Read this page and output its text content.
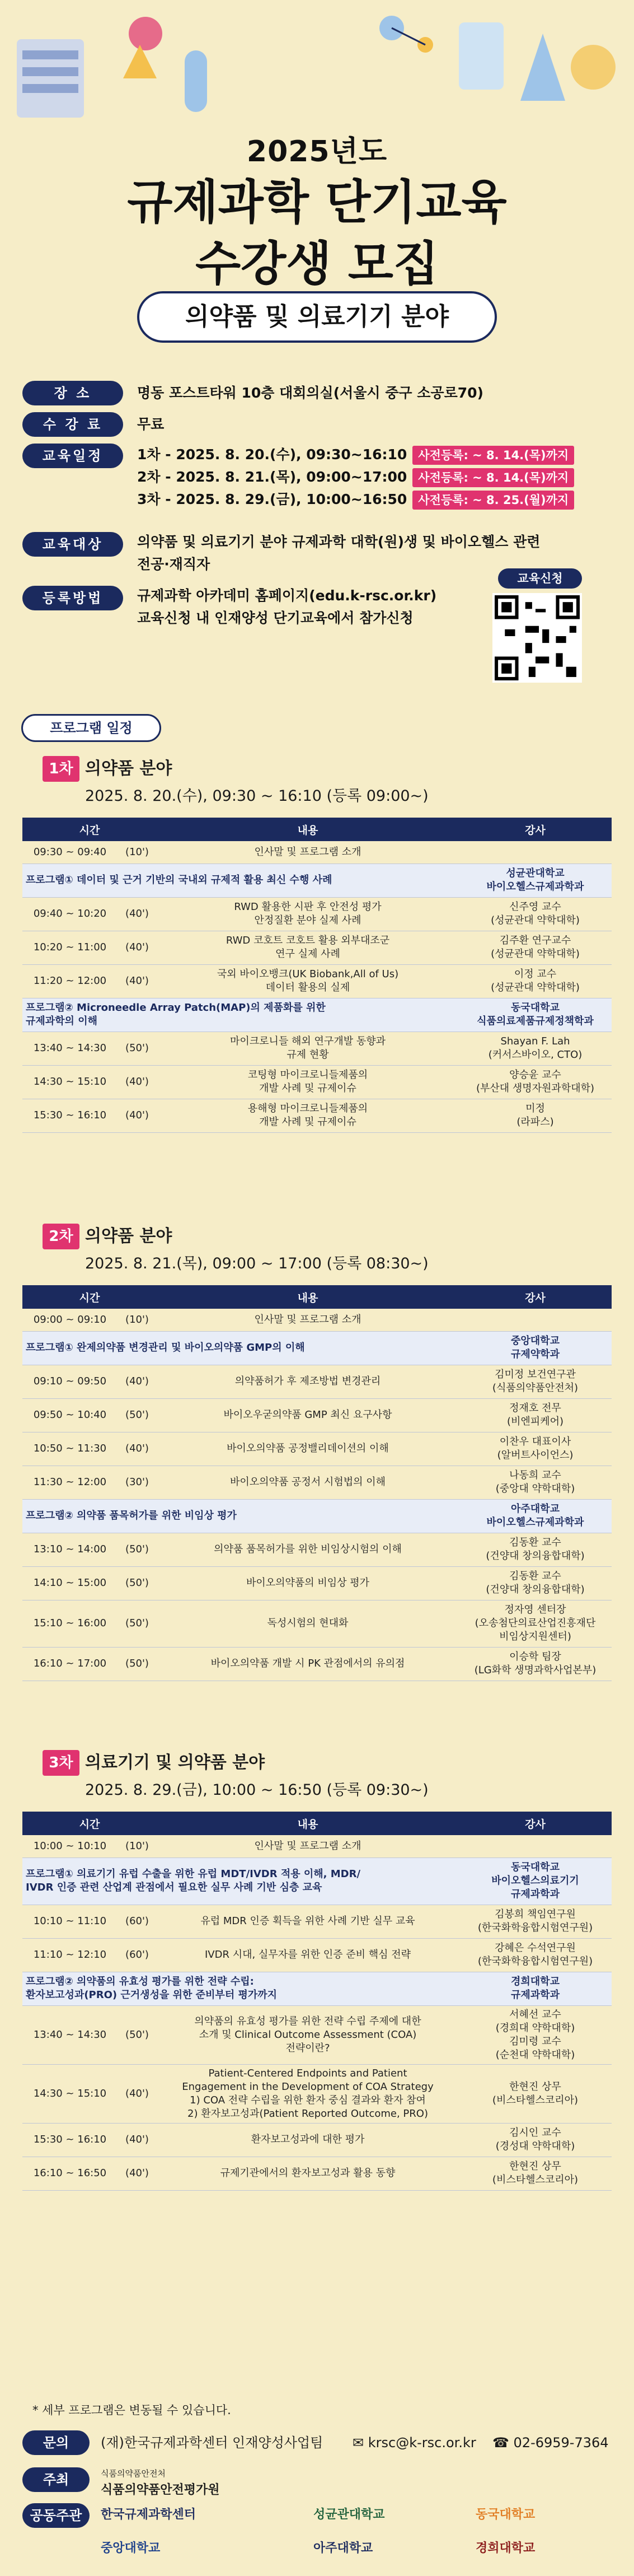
2025년도
규제과학 단기교육
수강생 모집
의약품 및 의료기기 분야
장 소	명동 포스트타워 10층 대회의실(서울시 중구 소공로70)
수 강 료	무료
교육일정	1차 - 2025. 8. 20.(수), 09:30~16:10 사전등록: ~ 8. 14.(목)까지
2차 - 2025. 8. 21.(목), 09:00~17:00 사전등록: ~ 8. 14.(목)까지
3차 - 2025. 8. 29.(금), 10:00~16:50 사전등록: ~ 8. 25.(월)까지
교육대상	의약품 및 의료기기 분야 규제과학 대학(원)생 및 바이오헬스 관련
전공·재직자
등록방법	규제과학 아카데미 홈페이지(edu.k-rsc.or.kr)
교육신청 내 인재양성 단기교육에서 참가신청
교육신청
프로그램 일정
1차 의약품 분야
2025. 8. 20.(수), 09:30 ~ 16:10 (등록 09:00~)
시간		내용	강사
09:30 ~ 09:40	(10')	인사말 및 프로그램 소개	
프로그램① 데이터 및 근거 기반의 국내외 규제적 활용 최신 수행 사례			성균관대학교
바이오헬스규제과학과
09:40 ~ 10:20	(40')	RWD 활용한 시판 후 안전성 평가
안정질환 분야 실제 사례	신주영 교수
(성균관대 약학대학)
10:20 ~ 11:00	(40')	RWD 코호트 코호트 활용 외부대조군
연구 실제 사례	김주환 연구교수
(성균관대 약학대학)
11:20 ~ 12:00	(40')	국외 바이오뱅크(UK Biobank,All of Us)
데이터 활용의 실제	이정 교수
(성균관대 약학대학)
프로그램② Microneedle Array Patch(MAP)의 제품화를 위한
규제과학의 이해			동국대학교
식품의료제품규제정책학과
13:40 ~ 14:30	(50')	마이크로니들 해외 연구개발 동향과
규제 현황	Shayan F. Lah
(커서스바이오, CTO)
14:30 ~ 15:10	(40')	코팅형 마이크로니들제품의
개발 사례 및 규제이슈	양승윤 교수
(부산대 생명자원과학대학)
15:30 ~ 16:10	(40')	용해형 마이크로니들제품의
개발 사례 및 규제이슈	미정
(라파스)
2차 의약품 분야
2025. 8. 21.(목), 09:00 ~ 17:00 (등록 08:30~)
시간		내용	강사
09:00 ~ 09:10	(10')	인사말 및 프로그램 소개	
프로그램① 완제의약품 변경관리 및 바이오의약품 GMP의 이해			중앙대학교
규제약학과
09:10 ~ 09:50	(40')	의약품허가 후 제조방법 변경관리	김미정 보건연구관
(식품의약품안전처)
09:50 ~ 10:40	(50')	바이오우굳의약품 GMP 최신 요구사항	정재호 전무
(비엔피케어)
10:50 ~ 11:30	(40')	바이오의약품 공정밸리데이션의 이해	이찬우 대표이사
(알버트사이언스)
11:30 ~ 12:00	(30')	바이오의약품 공정서 시험법의 이해	나동희 교수
(중앙대 약학대학)
프로그램② 의약품 품목허가를 위한 비임상 평가			아주대학교
바이오헬스규제과학과
13:10 ~ 14:00	(50')	의약품 품목허가를 위한 비임상시험의 이해	김동환 교수
(건양대 창의융합대학)
14:10 ~ 15:00	(50')	바이오의약품의 비임상 평가	김동환 교수
(건양대 창의융합대학)
15:10 ~ 16:00	(50')	독성시험의 현대화	정자영 센터장
(오송첨단의료산업진흥재단
비임상지원센터)
16:10 ~ 17:00	(50')	바이오의약품 개발 시 PK 관점에서의 유의점	이승학 팀장
(LG화학 생명과학사업본부)
3차 의료기기 및 의약품 분야
2025. 8. 29.(금), 10:00 ~ 16:50 (등록 09:30~)
시간		내용	강사
10:00 ~ 10:10	(10')	인사말 및 프로그램 소개	
프로그램① 의료기기 유럽 수출을 위한 유럽 MDT/IVDR 적용 이해, MDR/
IVDR 인증 관련 산업계 관점에서 필요한 실무 사례 기반 심층 교육			동국대학교
바이오헬스의료기기
규제과학과
10:10 ~ 11:10	(60')	유럽 MDR 인증 획득을 위한 사례 기반 실무 교육	김봉희 책임연구원
(한국화학융합시험연구원)
11:10 ~ 12:10	(60')	IVDR 시대, 실무자를 위한 인증 준비 핵심 전략	강혜은 수석연구원
(한국화학융합시험연구원)
프로그램② 의약품의 유효성 평가를 위한 전략 수립:
환자보고성과(PRO) 근거생성을 위한 준비부터 평가까지			경희대학교
규제과학과
13:40 ~ 14:30	(50')	의약품의 유효성 평가를 위한 전략 수립 주제에 대한
소개 및 Clinical Outcome Assessment (COA)
전략이란?	서혜선 교수
(경희대 약학대학)
김미령 교수
(순천대 약학대학)
14:30 ~ 15:10	(40')	Patient-Centered Endpoints and Patient
Engagement in the Development of COA Strategy
1) COA 전략 수립을 위한 환자 중심 결과와 환자 참여
2) 환자보고성과(Patient Reported Outcome, PRO)	한현진 상무
(비스타헬스코리아)
15:30 ~ 16:10	(40')	환자보고성과에 대한 평가	김시인 교수
(경성대 약학대학)
16:10 ~ 16:50	(40')	규제기관에서의 환자보고성과 활용 동향	한현진 상무
(비스타헬스코리아)
* 세부 프로그램은 변동될 수 있습니다.
문의	(재)한국규제과학센터 인재양성사업팀 ✉ krsc@k-rsc.or.kr ☎ 02-6959-7364
주최	식품의약품안전처
식품의약품안전평가원
공동주관	한국규제과학센터	성균관대학교	동국대학교
중앙대학교	아주대학교	경희대학교
